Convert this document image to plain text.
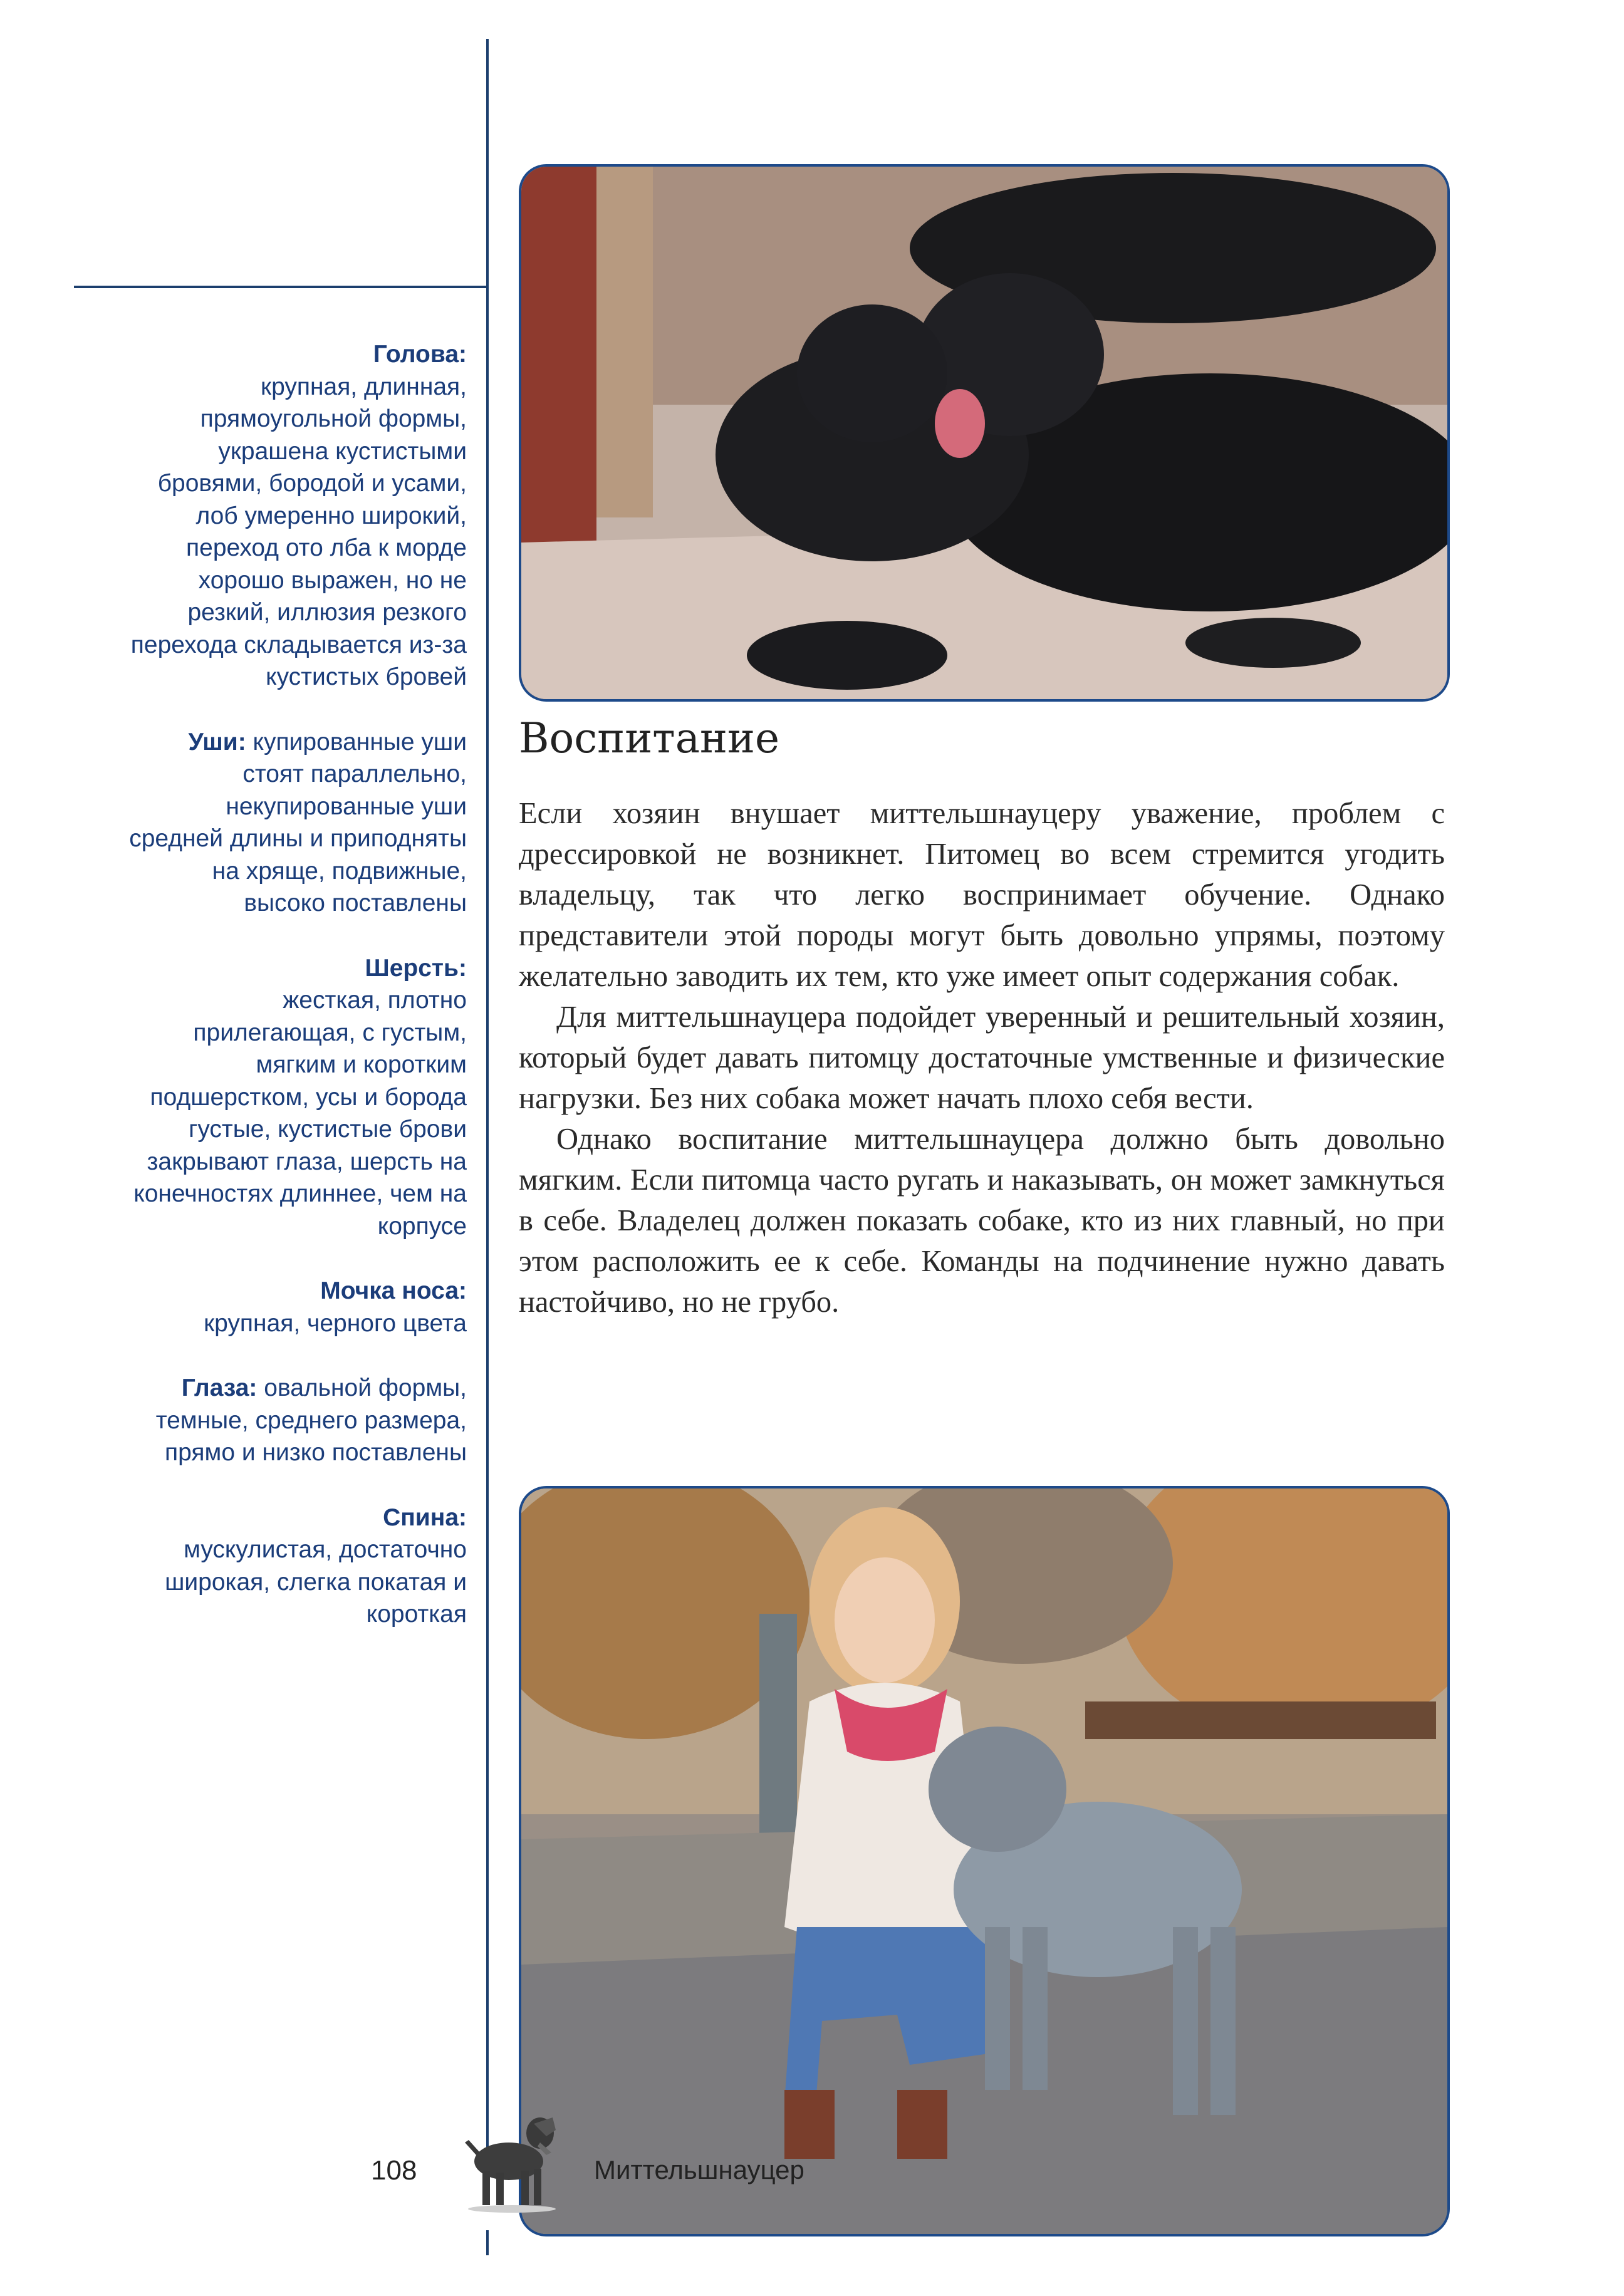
Голова:
крупная, длинная, прямоугольной формы, украшена кустистыми бровями, бородой и усами, лоб умеренно широкий, переход ото лба к морде хорошо выражен, но не резкий, иллюзия резкого перехода складывается из-за кустистых бровей
Уши: купированные уши стоят параллельно, некупированные уши средней длины и приподняты на хряще, подвижные, высоко поставлены
Шерсть:
жесткая, плотно прилегающая, с густым, мягким и коротким подшерстком, усы и борода густые, кустистые брови закрывают глаза, шерсть на конечностях длиннее, чем на корпусе
Мочка носа:
крупная, черного цвета
Глаза: овальной формы, темные, среднего размера, прямо и низко поставлены
Спина:
мускулистая, достаточно широкая, слегка покатая и короткая
Воспитание

Если хозяин внушает миттельшнауцеру уважение, проблем с дрессировкой не возникнет. Питомец во всем стремится угодить владельцу, так что легко воспринимает обучение. Однако представители этой породы могут быть довольно упрямы, поэтому желательно заводить их тем, кто уже имеет опыт содержания собак.

Для миттельшнауцера подойдет уверенный и решительный хозяин, который будет давать питомцу достаточные умственные и физические нагрузки. Без них собака может начать плохо себя вести.

Однако воспитание миттельшнауцера должно быть довольно мягким. Если питомца часто ругать и наказывать, он может замкнуться в себе. Владелец должен показать собаке, кто из них главный, но при этом расположить ее к себе. Команды на подчинение нужно давать настойчиво, но не грубо.

108	Миттельшнауцер
